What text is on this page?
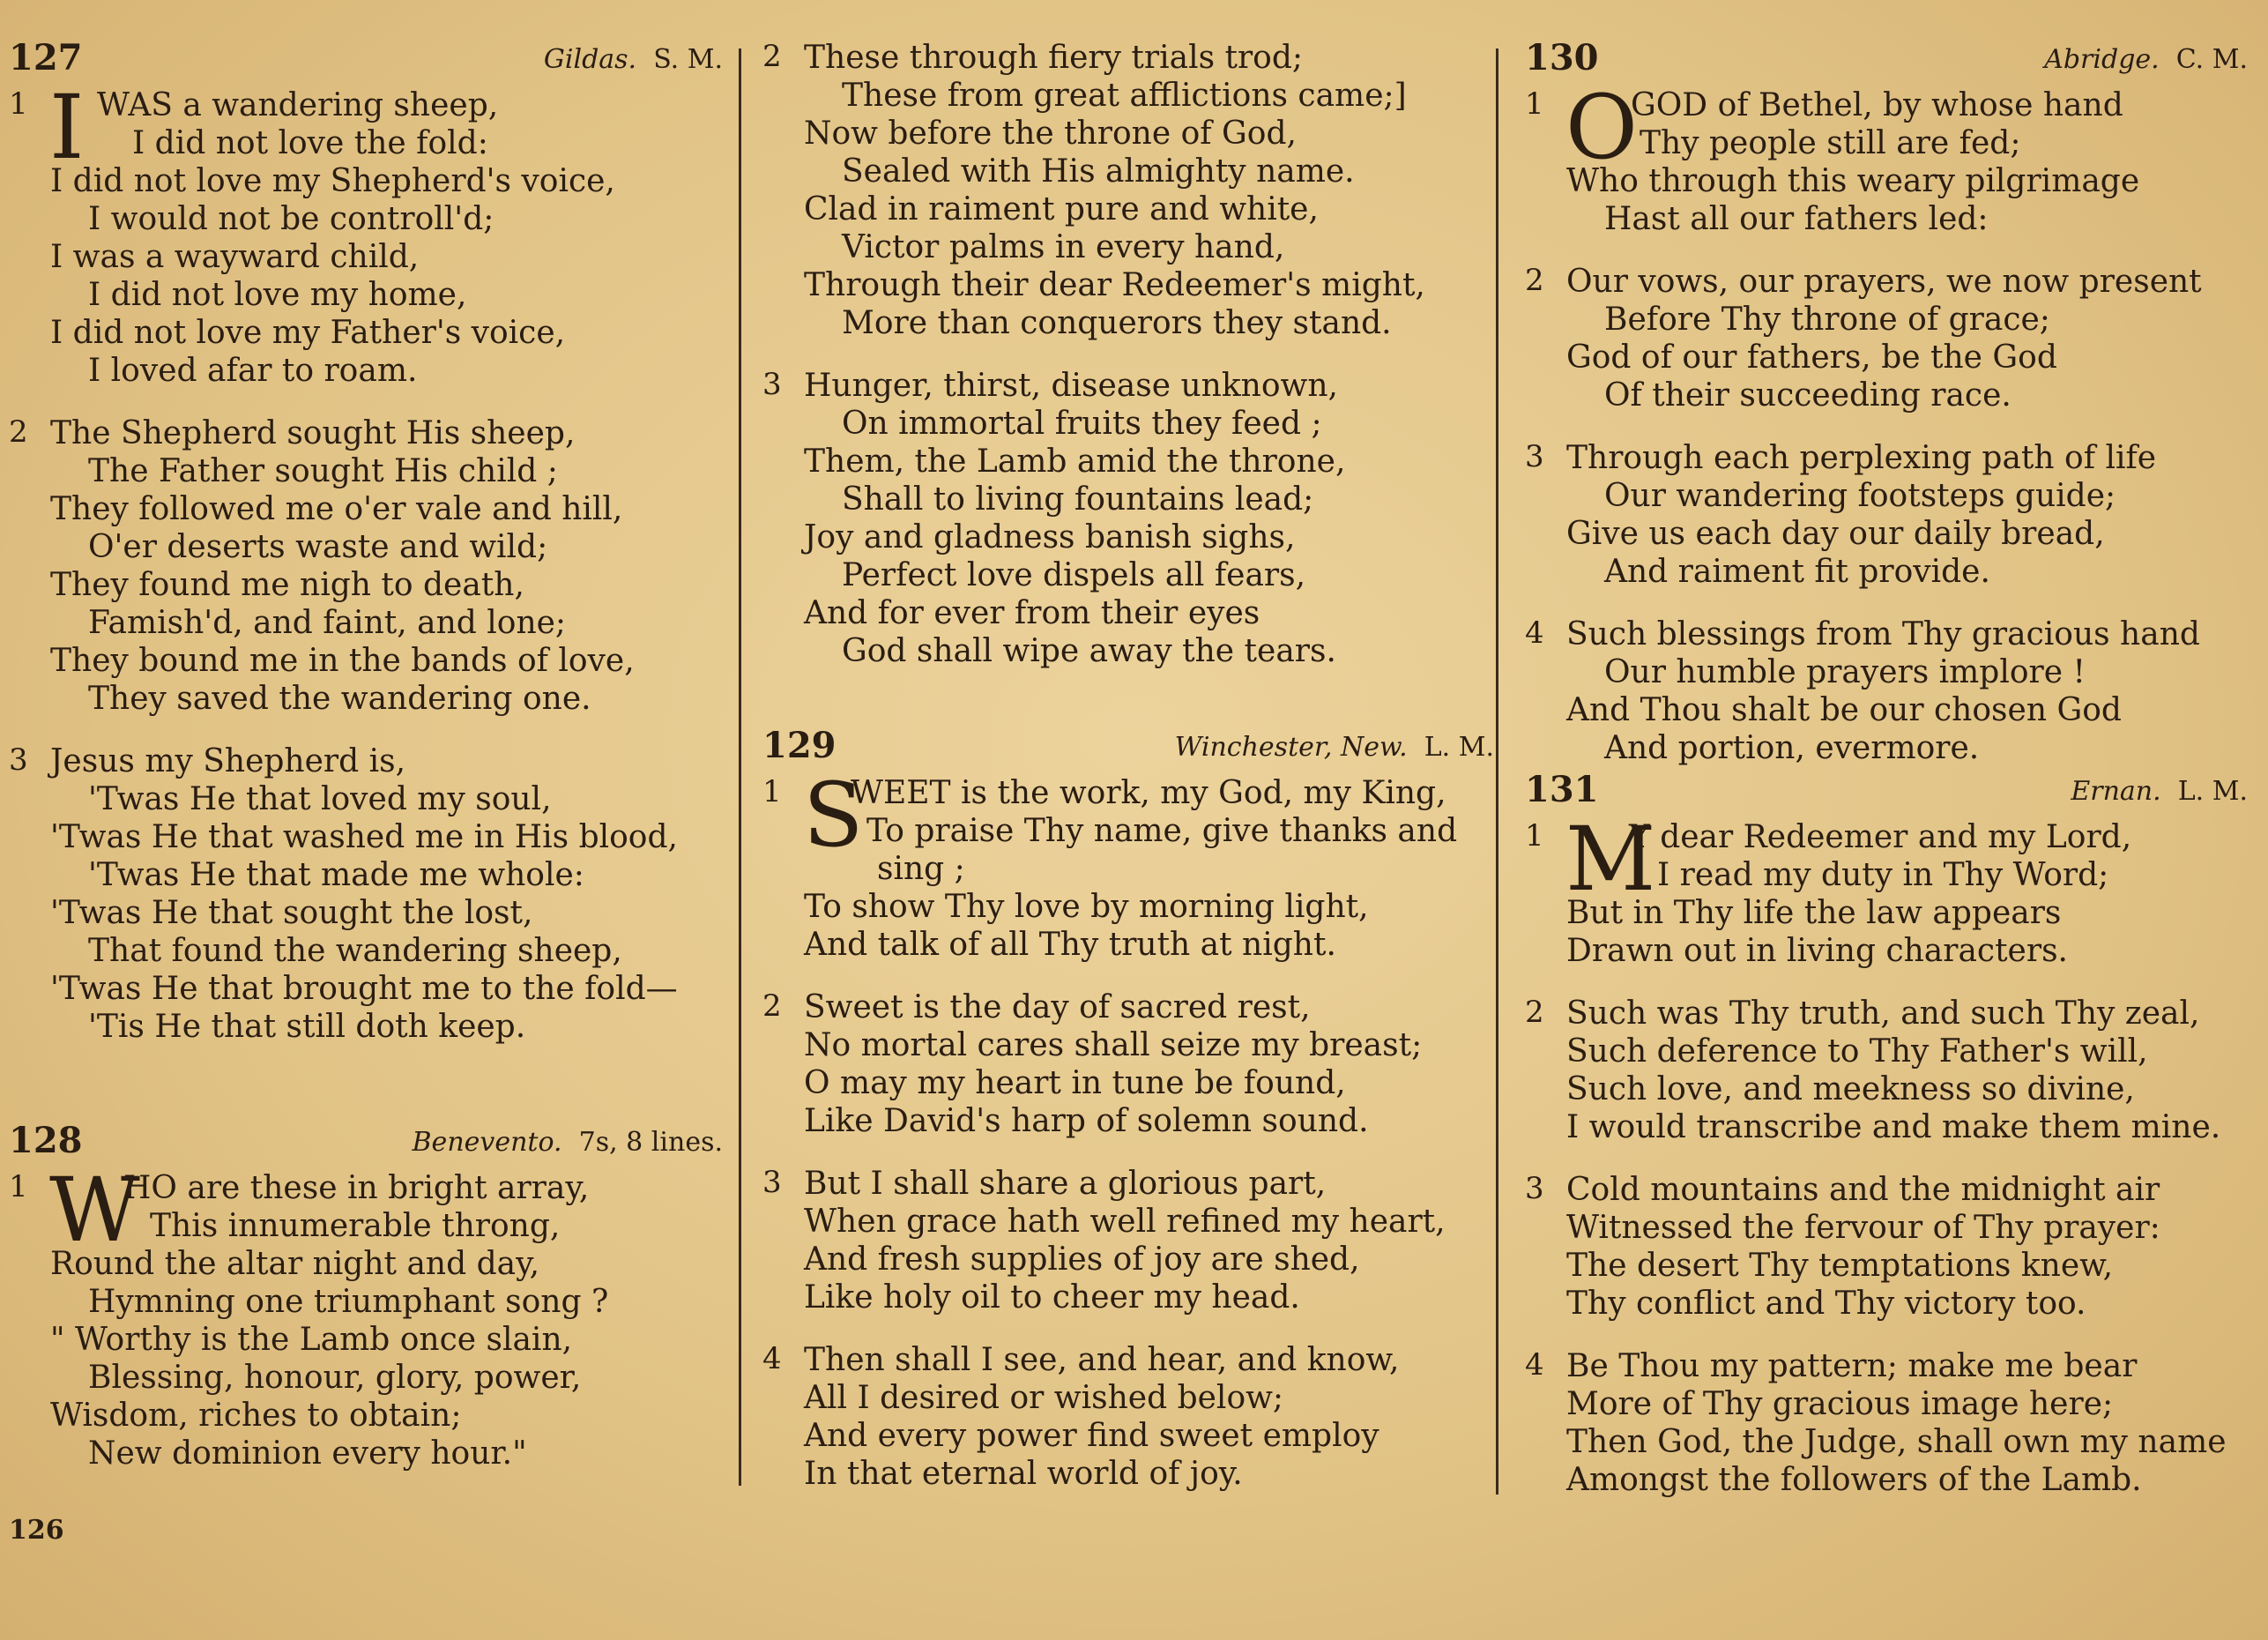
127	Gildas. S. M.
1 I WAS a wandering sheep,
I did not love the fold:
I did not love my Shepherd's voice,
I would not be controll'd;
I was a wayward child,
I did not love my home,
I did not love my Father's voice,
I loved afar to roam.
2 The Shepherd sought His sheep,
The Father sought His child ;
They followed me o'er vale and hill,
O'er deserts waste and wild;
They found me nigh to death,
Famish'd, and faint, and lone;
They bound me in the bands of love,
They saved the wandering one.
3 Jesus my Shepherd is,
'Twas He that loved my soul,
'Twas He that washed me in His blood,
'Twas He that made me whole:
'Twas He that sought the lost,
That found the wandering sheep,
'Twas He that brought me to the fold—
'Tis He that still doth keep.
128	Benevento. 7s, 8 lines.
1 W
HO are these in bright array,
This innumerable throng,
Round the altar night and day,
Hymning one triumphant song ?
" Worthy is the Lamb once slain,
Blessing, honour, glory, power,
Wisdom, riches to obtain;
New dominion every hour."
2 These through fiery trials trod;
These from great afflictions came;]
Now before the throne of God,
Sealed with His almighty name.
Clad in raiment pure and white,
Victor palms in every hand,
Through their dear Redeemer's might,
More than conquerors they stand.
3 Hunger, thirst, disease unknown,
On immortal fruits they feed ;
Them, the Lamb amid the throne,
Shall to living fountains lead;
Joy and gladness banish sighs,
Perfect love dispels all fears,
And for ever from their eyes
God shall wipe away the tears.
129	Winchester, New. L. M.
1 S
WEET is the work, my God, my King,
To praise Thy name, give thanks and
sing ;
To show Thy love by morning light,
And talk of all Thy truth at night.
2 Sweet is the day of sacred rest,
No mortal cares shall seize my breast;
O may my heart in tune be found,
Like David's harp of solemn sound.
3 But I shall share a glorious part,
When grace hath well refined my heart,
And fresh supplies of joy are shed,
Like holy oil to cheer my head.
4 Then shall I see, and hear, and know,
All I desired or wished below;
And every power find sweet employ
In that eternal world of joy.
130	Abridge. C. M.
1 O
GOD of Bethel, by whose hand
Thy people still are fed;
Who through this weary pilgrimage
Hast all our fathers led:
2 Our vows, our prayers, we now present
Before Thy throne of grace;
God of our fathers, be the God
Of their succeeding race.
3 Through each perplexing path of life
Our wandering footsteps guide;
Give us each day our daily bread,
And raiment fit provide.
4 Such blessings from Thy gracious hand
Our humble prayers implore !
And Thou shalt be our chosen God
And portion, evermore.
131	Ernan. L. M.
1 M
Y dear Redeemer and my Lord,
I read my duty in Thy Word;
But in Thy life the law appears
Drawn out in living characters.
2 Such was Thy truth, and such Thy zeal,
Such deference to Thy Father's will,
Such love, and meekness so divine,
I would transcribe and make them mine.
3 Cold mountains and the midnight air
Witnessed the fervour of Thy prayer:
The desert Thy temptations knew,
Thy conflict and Thy victory too.
4 Be Thou my pattern; make me bear
More of Thy gracious image here;
Then God, the Judge, shall own my name
Amongst the followers of the Lamb.
126
